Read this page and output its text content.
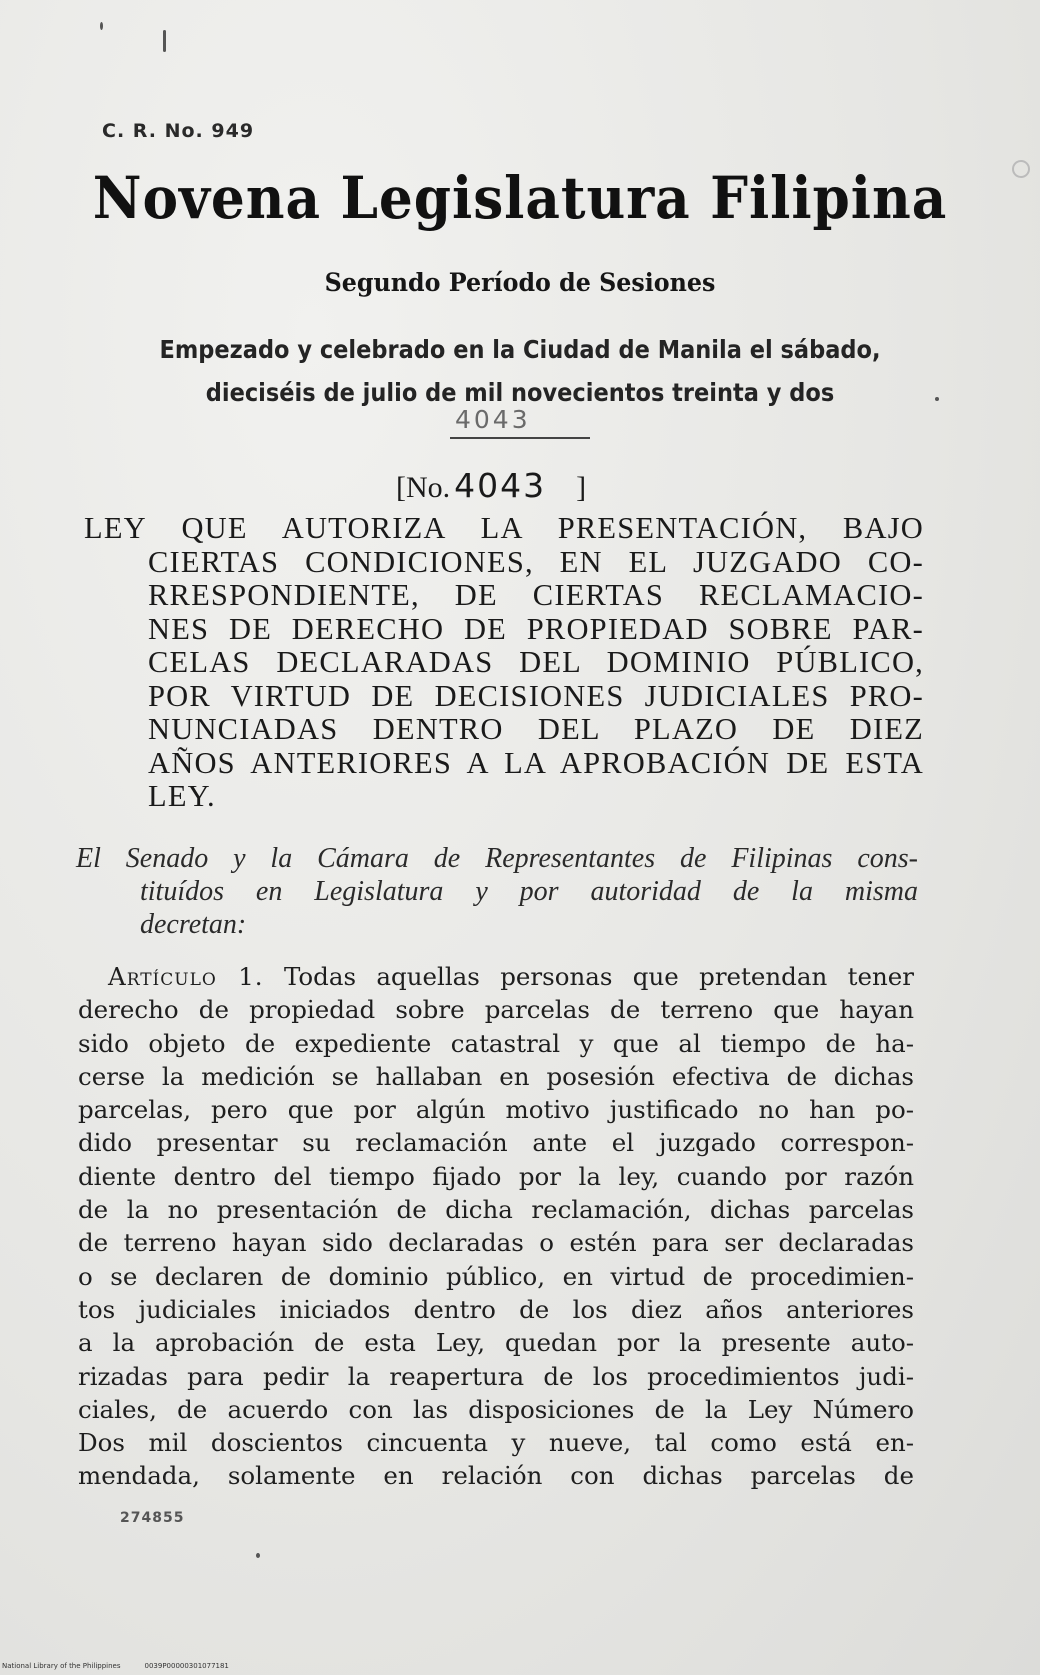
C. R. No. 949
Novena Legislatura Filipina
Segundo Período de Sesiones
Empezado y celebrado en la Ciudad de Manila el sábado,
dieciséis de julio de mil novecientos treinta y dos
4043
[No. 4043 ]
LEY QUE AUTORIZA LA PRESENTACIÓN, BAJO
CIERTAS CONDICIONES, EN EL JUZGADO CO-
RRESPONDIENTE, DE CIERTAS RECLAMACIO-
NES DE DERECHO DE PROPIEDAD SOBRE PAR-
CELAS DECLARADAS DEL DOMINIO PÚBLICO,
POR VIRTUD DE DECISIONES JUDICIALES PRO-
NUNCIADAS DENTRO DEL PLAZO DE DIEZ
AÑOS ANTERIORES A LA APROBACIÓN DE ESTA
LEY.
El Senado y la Cámara de Representantes de Filipinas cons-
tituídos en Legislatura y por autoridad de la misma
decretan:
Artículo 1. Todas aquellas personas que pretendan tener
derecho de propiedad sobre parcelas de terreno que hayan
sido objeto de expediente catastral y que al tiempo de ha-
cerse la medición se hallaban en posesión efectiva de dichas
parcelas, pero que por algún motivo justificado no han po-
dido presentar su reclamación ante el juzgado correspon-
diente dentro del tiempo fijado por la ley, cuando por razón
de la no presentación de dicha reclamación, dichas parcelas
de terreno hayan sido declaradas o estén para ser declaradas
o se declaren de dominio público, en virtud de procedimien-
tos judiciales iniciados dentro de los diez años anteriores
a la aprobación de esta Ley, quedan por la presente auto-
rizadas para pedir la reapertura de los procedimientos judi-
ciales, de acuerdo con las disposiciones de la Ley Número
Dos mil doscientos cincuenta y nueve, tal como está en-
mendada, solamente en relación con dichas parcelas de
274855
National Library of the Philippines	0039P00000301077181
